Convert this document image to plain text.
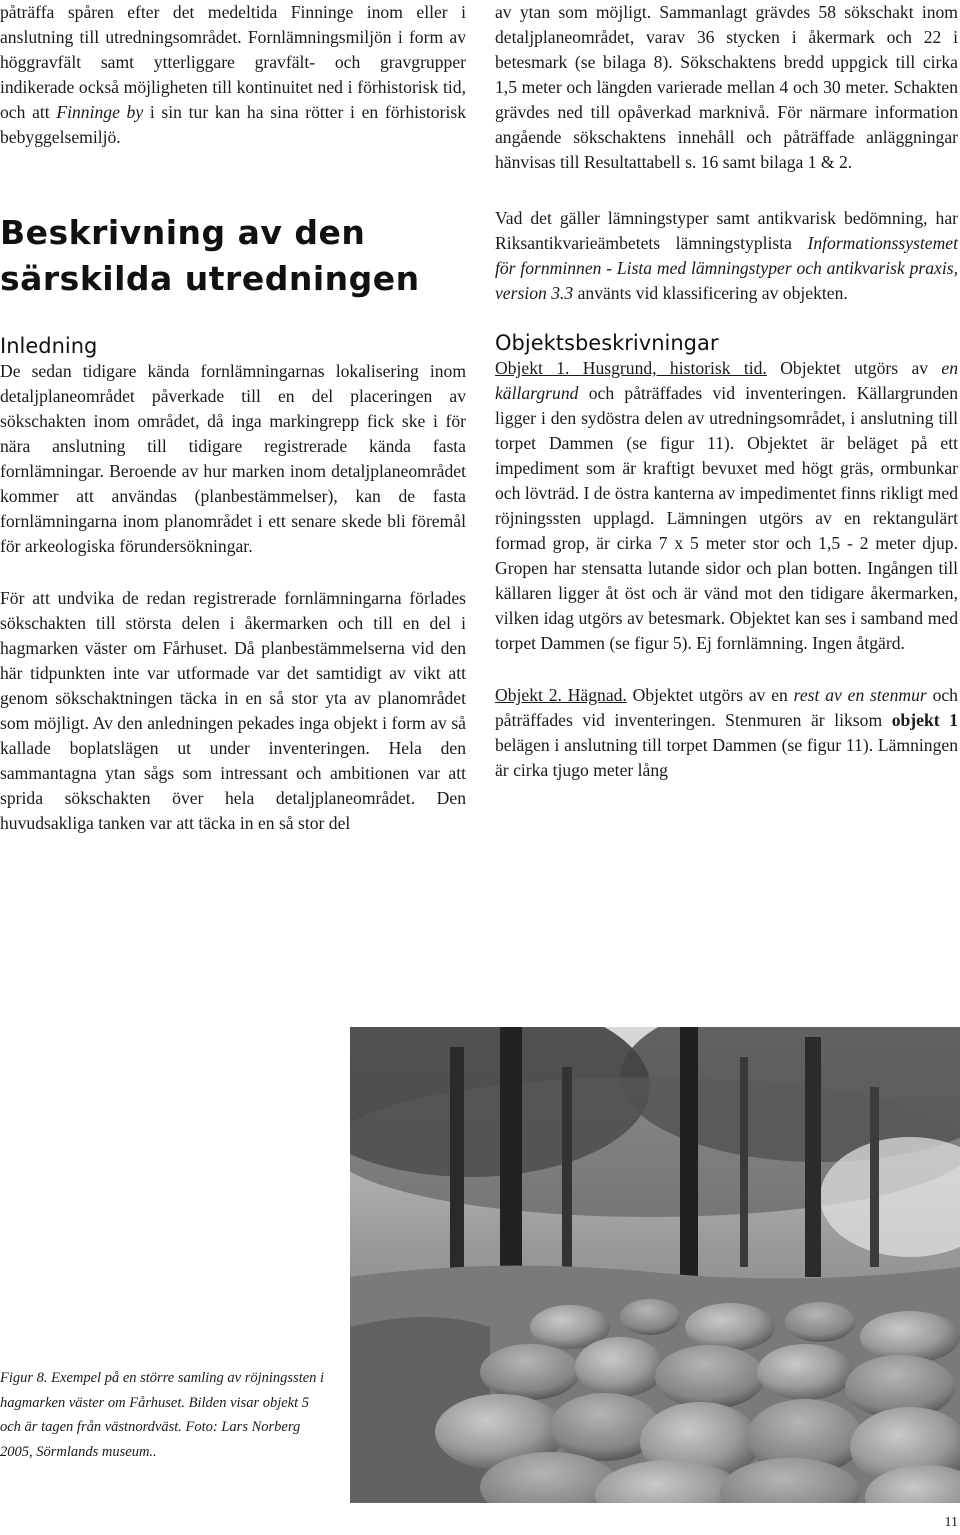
påträffa spåren efter det medeltida Finninge inom eller i anslutning till utredningsområdet. Fornlämningsmiljön i form av höggravfält samt ytterliggare gravfält- och gravgrupper indikerade också möjligheten till kontinuitet ned i förhistorisk tid, och att Finninge by i sin tur kan ha sina rötter i en förhistorisk bebyggelsemiljö.

Beskrivning av den särskilda utredningen
Inledning

De sedan tidigare kända fornlämningarnas lokalisering inom detaljplaneområdet påverkade till en del placeringen av sökschakten inom området, då inga markingrepp fick ske i för nära anslutning till tidigare registrerade kända fasta fornlämningar. Beroende av hur marken inom detaljplaneområdet kommer att användas (planbestämmelser), kan de fasta fornlämningarna inom planområdet i ett senare skede bli föremål för arkeologiska förundersökningar.

För att undvika de redan registrerade fornlämningarna förlades sökschakten till största delen i åkermarken och till en del i hagmarken väster om Fårhuset. Då planbestämmelserna vid den här tidpunkten inte var utformade var det samtidigt av vikt att genom sökschaktningen täcka in en så stor yta av planområdet som möjligt. Av den anledningen pekades inga objekt i form av så kallade boplatslägen ut under inventeringen. Hela den sammantagna ytan sågs som intressant och ambitionen var att sprida sökschakten över hela detaljplaneområdet. Den huvudsakliga tanken var att täcka in en så stor del

av ytan som möjligt. Sammanlagt grävdes 58 sökschakt inom detaljplaneområdet, varav 36 stycken i åkermark och 22 i betesmark (se bilaga 8). Sökschaktens bredd uppgick till cirka 1,5 meter och längden varierade mellan 4 och 30 meter. Schakten grävdes ned till opåverkad marknivå. För närmare information angående sökschaktens innehåll och påträffade anläggningar hänvisas till Resultattabell s. 16 samt bilaga 1 & 2.

Vad det gäller lämningstyper samt antikvarisk bedömning, har Riksantikvarieämbetets lämningstyplista Informationssystemet för fornminnen - Lista med lämningstyper och antikvarisk praxis, version 3.3 använts vid klassificering av objekten.

Objektsbeskrivningar

Objekt 1. Husgrund, historisk tid. Objektet utgörs av en källargrund och påträffades vid inventeringen. Källargrunden ligger i den sydöstra delen av utredningsområdet, i anslutning till torpet Dammen (se figur 11). Objektet är beläget på ett impediment som är kraftigt bevuxet med högt gräs, ormbunkar och lövträd. I de östra kanterna av impedimentet finns rikligt med röjningssten upplagd. Lämningen utgörs av en rektangulärt formad grop, är cirka 7 x 5 meter stor och 1,5 - 2 meter djup. Gropen har stensatta lutande sidor och plan botten. Ingången till källaren ligger åt öst och är vänd mot den tidigare åkermarken, vilken idag utgörs av betesmark. Objektet kan ses i samband med torpet Dammen (se figur 5). Ej fornlämning. Ingen åtgärd.

Objekt 2. Hägnad. Objektet utgörs av en rest av en stenmur och påträffades vid inventeringen. Stenmuren är liksom objekt 1 belägen i anslutning till torpet Dammen (se figur 11). Lämningen är cirka tjugo meter lång

Figur 8. Exempel på en större samling av röjningssten i hagmarken väster om Fårhuset. Bilden visar objekt 5 och är tagen från västnordväst. Foto: Lars Norberg 2005, Sörmlands museum..

11
